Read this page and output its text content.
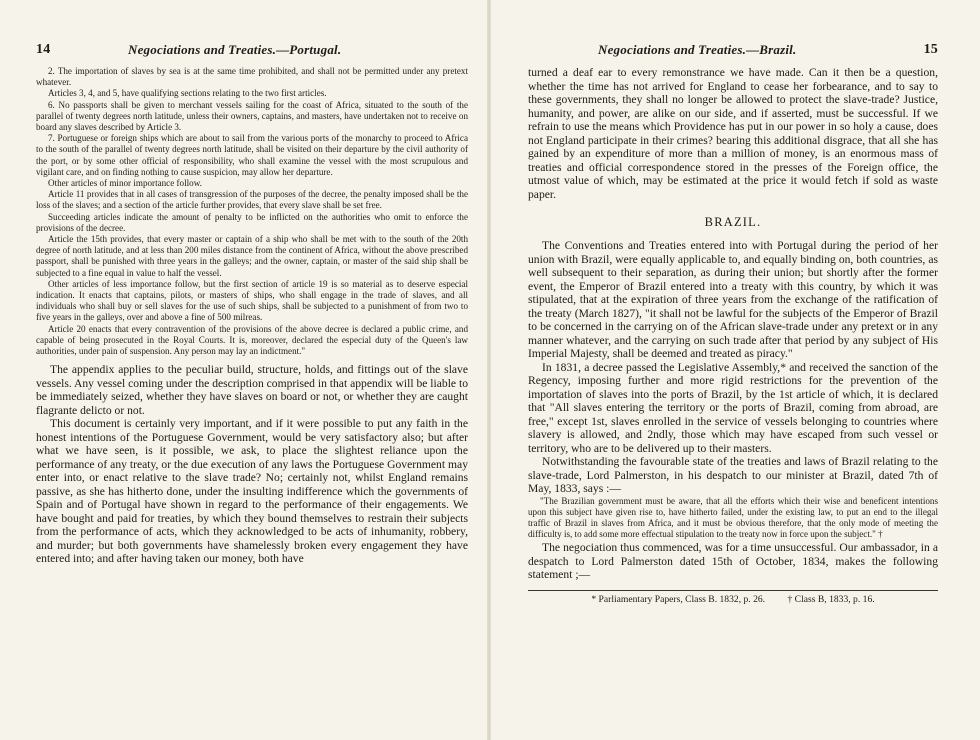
14	Negociations and Treaties.—Portugal.	Negociations and Treaties.—Brazil.	15

2. The importation of slaves by sea is at the same time prohibited, and shall not be permitted under any pretext whatever.

Articles 3, 4, and 5, have qualifying sections relating to the two first articles.

6. No passports shall be given to merchant vessels sailing for the coast of Africa, situated to the south of the parallel of twenty degrees north latitude, unless their owners, captains, and masters, have undertaken not to receive on board any slaves described by Article 3.

7. Portuguese or foreign ships which are about to sail from the various ports of the monarchy to proceed to Africa to the south of the parallel of twenty degrees north latitude, shall be visited on their departure by the civil authority of the port, or by some other official of responsibility, who shall examine the vessel with the most scrupulous and vigilant care, and on finding nothing to cause suspicion, may allow her departure.

Other articles of minor importance follow.

Article 11 provides that in all cases of transgression of the purposes of the decree, the penalty imposed shall be the loss of the slaves; and a section of the article further provides, that every slave shall be set free.

Succeeding articles indicate the amount of penalty to be inflicted on the authorities who omit to enforce the provisions of the decree.

Article the 15th provides, that every master or captain of a ship who shall be met with to the south of the 20th degree of north latitude, and at less than 200 miles distance from the continent of Africa, without the above prescribed passport, shall be punished with three years in the galleys; and the owner, captain, or master of the said ship shall be subjected to a fine equal in value to half the vessel.

Other articles of less importance follow, but the first section of article 19 is so material as to deserve especial indication. It enacts that captains, pilots, or masters of ships, who shall engage in the trade of slaves, and all individuals who shall buy or sell slaves for the use of such ships, shall be subjected to a punishment of from two to five years in the galleys, over and above a fine of 500 milreas.

Article 20 enacts that every contravention of the provisions of the above decree is declared a public crime, and capable of being prosecuted in the Royal Courts. It is, moreover, declared the especial duty of the Queen's law authorities, under pain of suspension. Any person may lay an indictment."

The appendix applies to the peculiar build, structure, holds, and fittings out of the slave vessels. Any vessel coming under the description comprised in that appendix will be liable to be immediately seized, whether they have slaves on board or not, or whether they are caught flagrante delicto or not.

This document is certainly very important, and if it were possible to put any faith in the honest intentions of the Portuguese Government, would be very satisfactory also; but after what we have seen, is it possible, we ask, to place the slightest reliance upon the performance of any treaty, or the due execution of any laws the Portuguese Government may enter into, or enact relative to the slave trade? No; certainly not, whilst England remains passive, as she has hitherto done, under the insulting indifference which the governments of Spain and of Portugal have shown in regard to the performance of their engagements. We have bought and paid for treaties, by which they bound themselves to restrain their subjects from the performance of acts, which they acknowledged to be acts of inhumanity, robbery, and murder; but both governments have shamelessly broken every engagement they have entered into; and after having taken our money, both have

turned a deaf ear to every remonstrance we have made. Can it then be a question, whether the time has not arrived for England to cease her forbearance, and to say to these governments, they shall no longer be allowed to protect the slave-trade? Justice, humanity, and power, are alike on our side, and if asserted, must be successful. If we refrain to use the means which Providence has put in our power in so holy a cause, does not England participate in their crimes? bearing this additional disgrace, that all she has gained by an expenditure of more than a million of money, is an enormous mass of treaties and official correspondence stored in the presses of the Foreign office, the utmost value of which, may be estimated at the price it would fetch if sold as waste paper.

BRAZIL.

The Conventions and Treaties entered into with Portugal during the period of her union with Brazil, were equally applicable to, and equally binding on, both countries, as well subsequent to their separation, as during their union; but shortly after the former event, the Emperor of Brazil entered into a treaty with this country, by which it was stipulated, that at the expiration of three years from the exchange of the ratification of the treaty (March 1827), "it shall not be lawful for the subjects of the Emperor of Brazil to be concerned in the carrying on of the African slave-trade under any pretext or in any manner whatever, and the carrying on such trade after that period by any subject of His Imperial Majesty, shall be deemed and treated as piracy."

In 1831, a decree passed the Legislative Assembly,* and received the sanction of the Regency, imposing further and more rigid restrictions for the prevention of the importation of slaves into the ports of Brazil, by the 1st article of which, it is declared that "All slaves entering the territory or the ports of Brazil, coming from abroad, are free," except 1st, slaves enrolled in the service of vessels belonging to countries where slavery is allowed, and 2ndly, those which may have escaped from such vessel or territory, who are to be delivered up to their masters.

Notwithstanding the favourable state of the treaties and laws of Brazil relating to the slave-trade, Lord Palmerston, in his despatch to our minister at Brazil, dated 7th of May, 1833, says :—

"The Brazilian government must be aware, that all the efforts which their wise and beneficent intentions upon this subject have given rise to, have hitherto failed, under the existing law, to put an end to the illegal traffic of Brazil in slaves from Africa, and it must be obvious therefore, that the only mode of meeting the difficulty is, to add some more effectual stipulation to the treaty now in force upon the subject." †

The negociation thus commenced, was for a time unsuccessful. Our ambassador, in a despatch to Lord Palmerston dated 15th of October, 1834, makes the following statement ;—

* Parliamentary Papers, Class B. 1832, p. 26. † Class B, 1833, p. 16.
